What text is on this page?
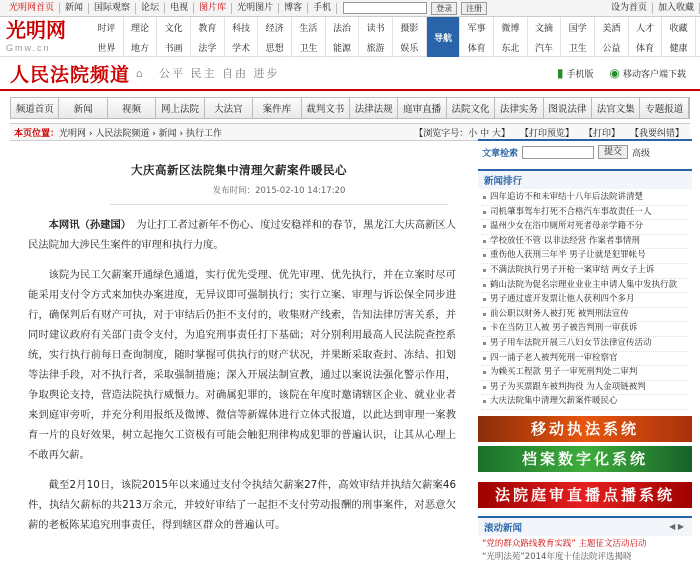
光明网首页	新闻	国际观察	论坛	电视	图片库	光明图片	博客	手机	登录	注册	设为首页	加入收藏
光明网
Gmw.cn
时评	理论	文化	教育	科技	经济	生活	法治	读书	摄影
导航
军事	微博	文摘	国学	美酒	人才	收藏
世界	地方	书画	法学	学术	思想	卫生	能源	旅游	娱乐	体育	东北	汽车	卫生	公益	体育	健康
人民法院频道 ⌂ 公平 民主 自由 进步	▮ 手机版 ◉ 移动客户端下载
频道首页	新闻	视频	网上法院	大法官	案件库	裁判文书	法律法规	庭审直播	法院文化	法律实务	图说法律	法官文集	专题报道
本页位置： 光明网 › 人民法院频道 › 新闻 › 执行工作	【浏览字号：小 中 大】 【打印预览】 【打印】 【我要纠错】
大庆高新区法院集中清理欠薪案件暖民心
发布时间：2015-02-10 14:17:20

本网讯（孙建国）　 为让打工者过新年不伤心、度过安稳祥和的春节，黑龙江大庆高新区人民法院加大涉民生案件的审理和执行力度。

该院为民工欠薪案开通绿色通道，实行优先受理、优先审理、优先执行，并在立案时尽可能采用支付令方式来加快办案进度，无异议即可强制执行；实行立案、审理与诉讼保全同步进行，确保判后有财产可执，对于审结后仍拒不支付的，收集财产线索，告知法律厉害关系，并同时建议政府有关部门责令支付，为追究刑事责任打下基础；对分别利用最高人民法院查控系统，实行执行前每日查询制度，随时掌握可供执行的财产状况，并果断采取查封、冻结、扣划等法律手段，对不执行者，采取强制措施；深入开展法制宣教，通过以案说法强化警示作用，争取舆论支持，营造法院执行威慑力。对确属犯罪的，该院在年度时邀请辖区企业、就业业者来到庭审旁听，并充分利用报纸及微博、微信等新媒体进行立体式报道，以此达到审理一案教育一片的良好效果，树立起拖欠工资极有可能会触犯刑律构成犯罪的普遍认识，让其从心理上不敢再欠薪。

截至2月10日，该院2015年以来通过支付令执结欠薪案27件，高效审结并执结欠薪案46件，执结欠薪标的共213万余元，并较好审结了一起拒不支付劳动报酬的刑事案件，对恶意欠薪的老板陈某追究刑事责任，得到辖区群众的普遍认可。

文章检索	提交	高级
新闻排行
四年追访不和未审结十八年后法院讲清楚
司机肇事驾车打死不合格汽车事故责任一人
温州少女在浴巾厕所对死者母亲学籍不分
学校放任不管 以非法经营 作案者事情刑
重伤他人获刑三年半 男子让就是犯罪帐号
不满法院执行男子开枪一案审结 两女子上诉
鹤山法院为促名宗理业业业主申请人集中发执行款
男子通过虚开发票让他人获利四个多月
前公职以财务人被打死 被判刑法宣传
卡在当防卫人被 男子被告判刑一审获诉
男子用车法院开展三八妇女节法律宣传活动
四一浦子老人被判死刑一审检察官
为赖买工程款 男子一审死刑判处二审判
男子为买票跟车被判拘役 为人金项链被判
大庆法院集中清理欠薪案件暖民心
移动执法系统
档案数字化系统
法院庭审直播点播系统
滚动新闻	◀ ▶
“党的群众路线教育实践” 主题征文活动启动
“光明法苑”2014年度十佳法院评选揭晓
